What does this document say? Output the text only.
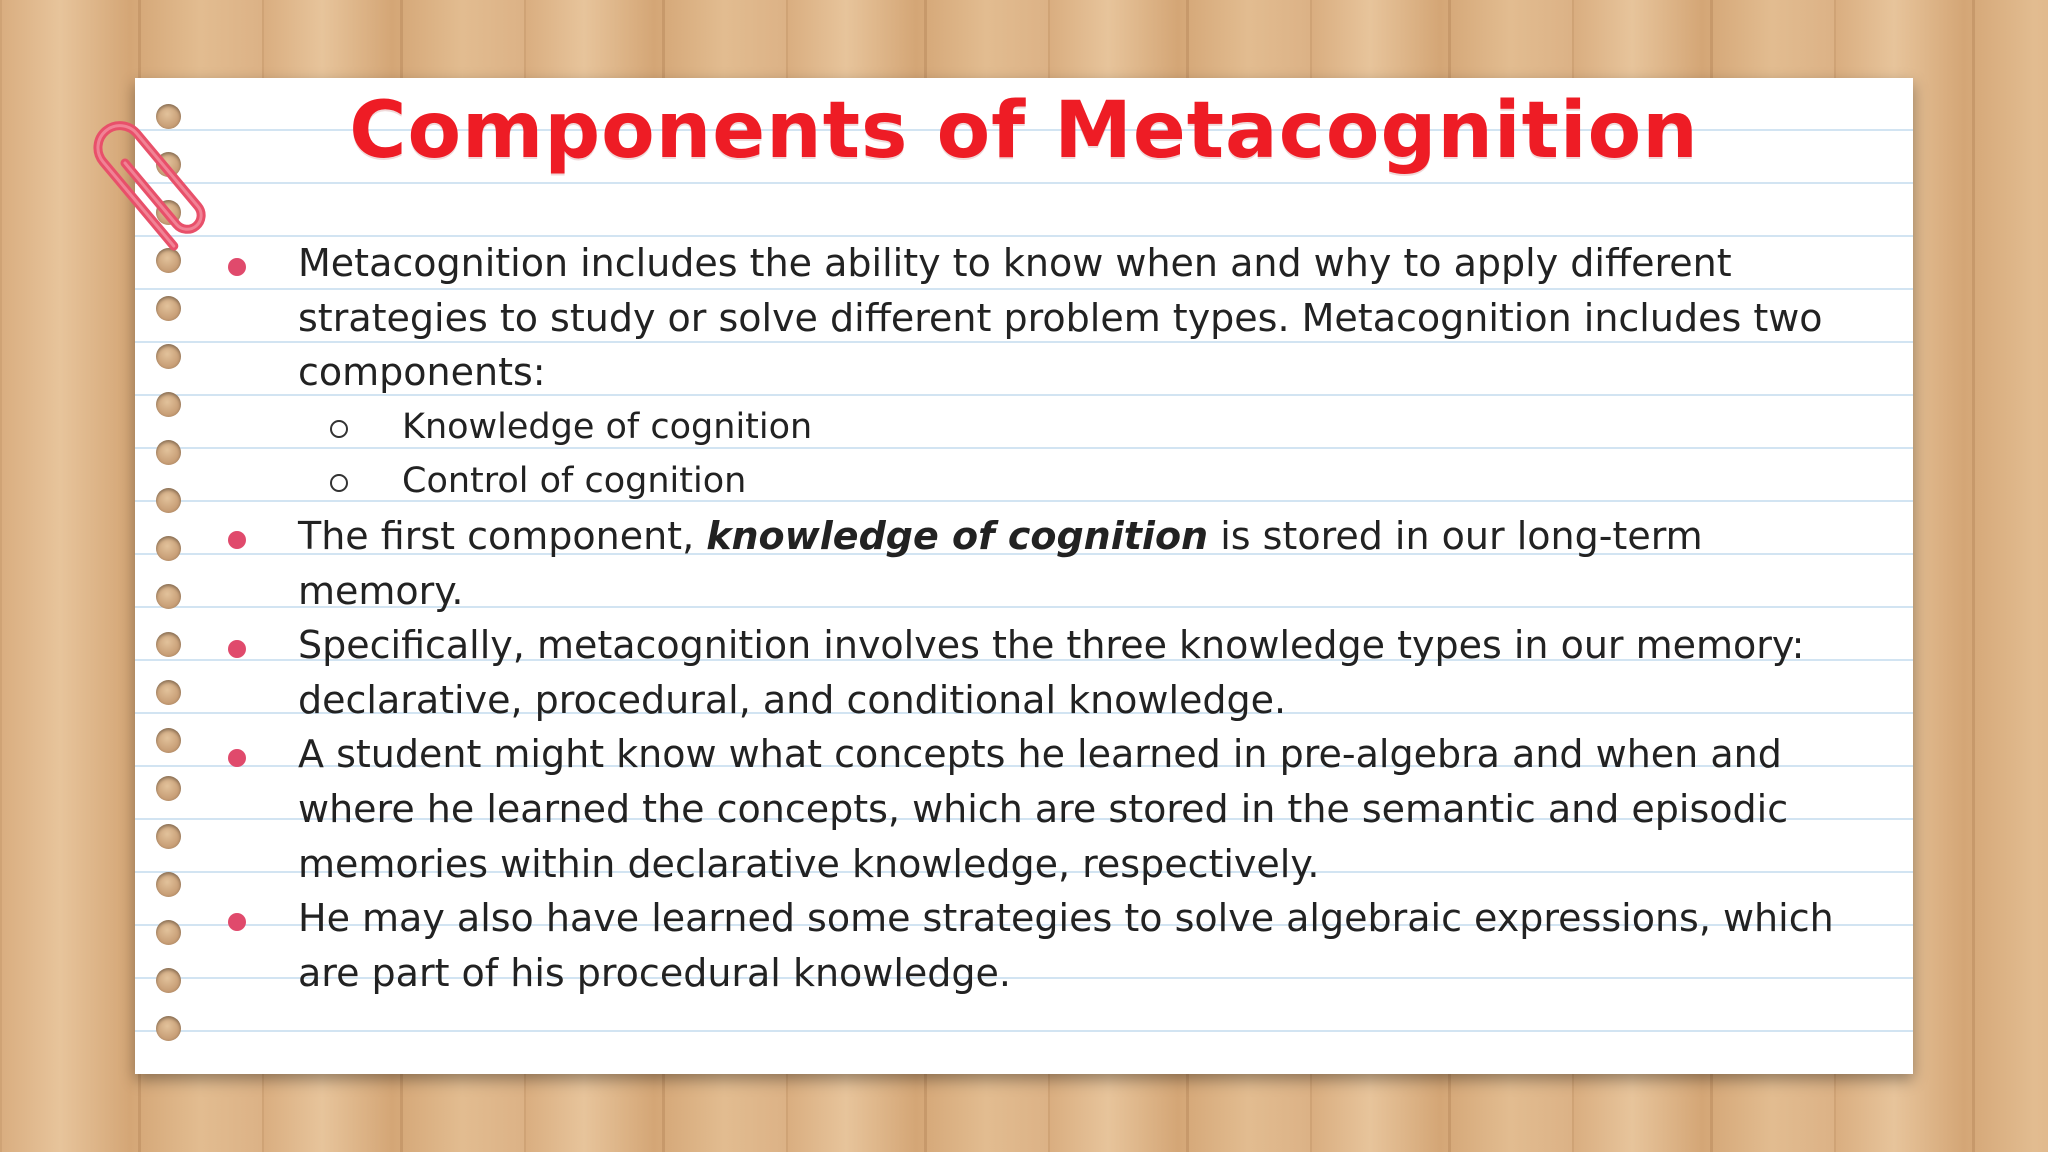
Components of Metacognition
Metacognition includes the ability to know when and why to apply different strategies to study or solve different problem types. Metacognition includes two components:
Knowledge of cognition
Control of cognition
The first component, knowledge of cognition is stored in our long-term memory.
Specifically, metacognition involves the three knowledge types in our memory: declarative, procedural, and conditional knowledge.
A student might know what concepts he learned in pre-algebra and when and where he learned the concepts, which are stored in the semantic and episodic memories within declarative knowledge, respectively.
He may also have learned some strategies to solve algebraic expressions, which are part of his procedural knowledge.
